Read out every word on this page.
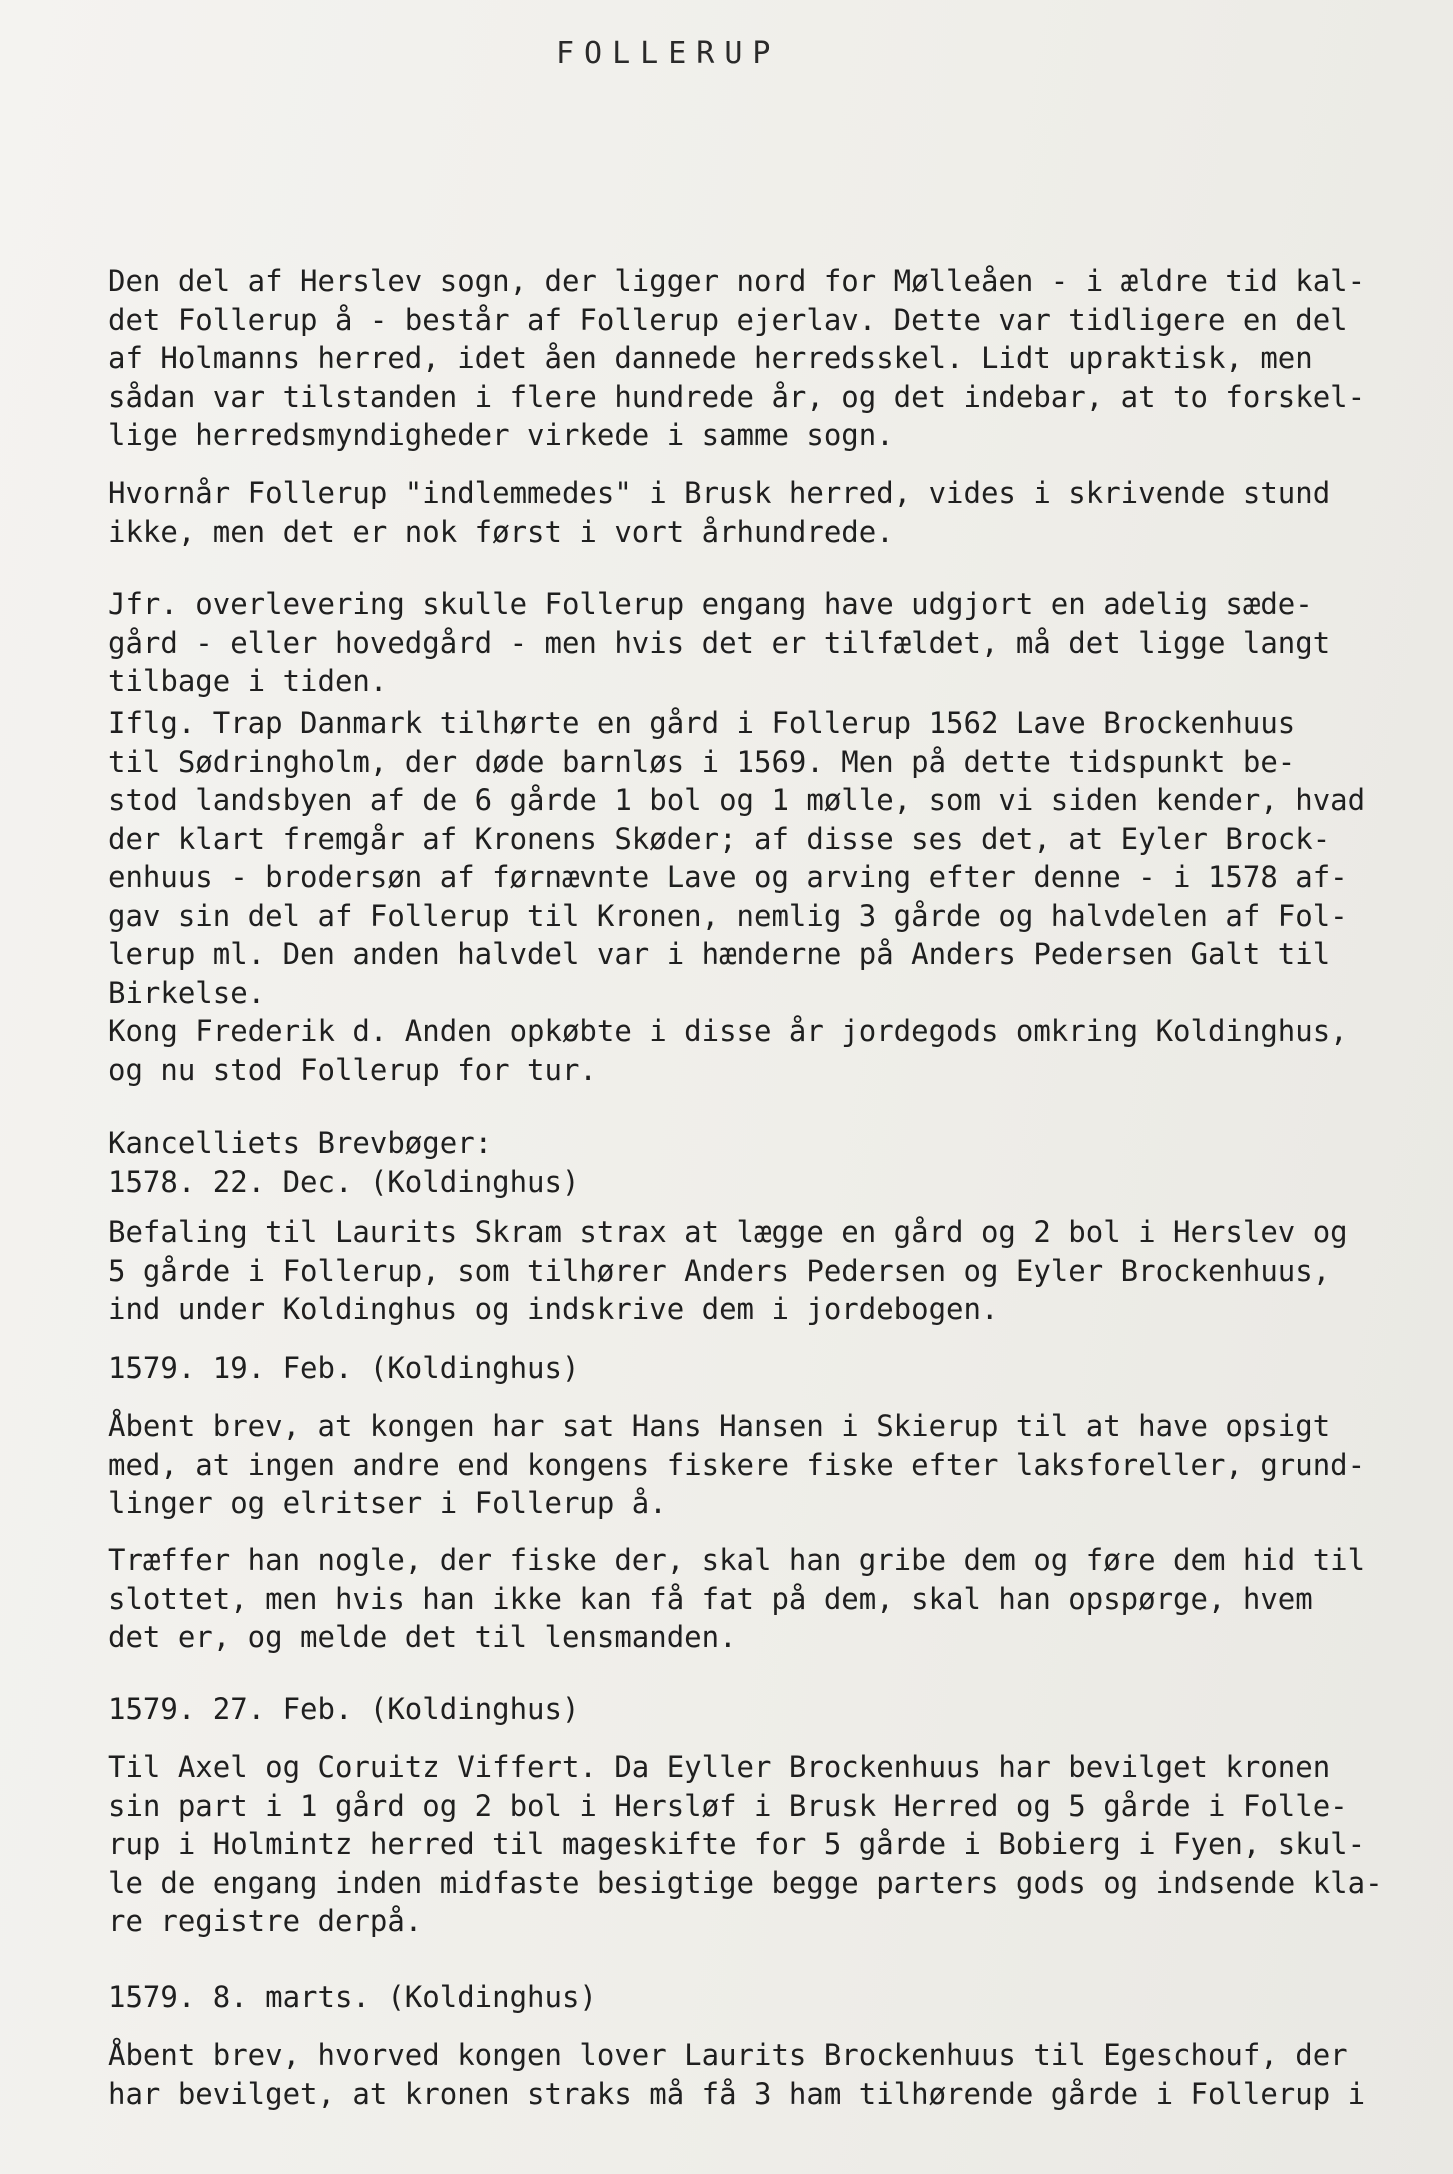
FOLLERUP
Den del af Herslev sogn, der ligger nord for Mølleåen - i ældre tid kal-
det Follerup å - består af Follerup ejerlav. Dette var tidligere en del
af Holmanns herred, idet åen dannede herredsskel. Lidt upraktisk, men
sådan var tilstanden i flere hundrede år, og det indebar, at to forskel-
lige herredsmyndigheder virkede i samme sogn.
Hvornår Follerup "indlemmedes" i Brusk herred, vides i skrivende stund
ikke, men det er nok først i vort århundrede.
Jfr. overlevering skulle Follerup engang have udgjort en adelig sæde-
gård - eller hovedgård - men hvis det er tilfældet, må det ligge langt
tilbage i tiden.
Iflg. Trap Danmark tilhørte en gård i Follerup 1562 Lave Brockenhuus
til Sødringholm, der døde barnløs i 1569. Men på dette tidspunkt be-
stod landsbyen af de 6 gårde 1 bol og 1 mølle, som vi siden kender, hvad
der klart fremgår af Kronens Skøder; af disse ses det, at Eyler Brock-
enhuus - brodersøn af førnævnte Lave og arving efter denne - i 1578 af-
gav sin del af Follerup til Kronen, nemlig 3 gårde og halvdelen af Fol-
lerup ml. Den anden halvdel var i hænderne på Anders Pedersen Galt til
Birkelse.
Kong Frederik d. Anden opkøbte i disse år jordegods omkring Koldinghus,
og nu stod Follerup for tur.
Kancelliets Brevbøger:
1578. 22. Dec. (Koldinghus)
Befaling til Laurits Skram strax at lægge en gård og 2 bol i Herslev og
5 gårde i Follerup, som tilhører Anders Pedersen og Eyler Brockenhuus,
ind under Koldinghus og indskrive dem i jordebogen.
1579. 19. Feb. (Koldinghus)
Åbent brev, at kongen har sat Hans Hansen i Skierup til at have opsigt
med, at ingen andre end kongens fiskere fiske efter laksforeller, grund-
linger og elritser i Follerup å.
Træffer han nogle, der fiske der, skal han gribe dem og føre dem hid til
slottet, men hvis han ikke kan få fat på dem, skal han opspørge, hvem
det er, og melde det til lensmanden.
1579. 27. Feb. (Koldinghus)
Til Axel og Coruitz Viffert. Da Eyller Brockenhuus har bevilget kronen
sin part i 1 gård og 2 bol i Hersløf i Brusk Herred og 5 gårde i Folle-
rup i Holmintz herred til mageskifte for 5 gårde i Bobierg i Fyen, skul-
le de engang inden midfaste besigtige begge parters gods og indsende kla-
re registre derpå.
1579. 8. marts. (Koldinghus)
Åbent brev, hvorved kongen lover Laurits Brockenhuus til Egeschouf, der
har bevilget, at kronen straks må få 3 ham tilhørende gårde i Follerup i
